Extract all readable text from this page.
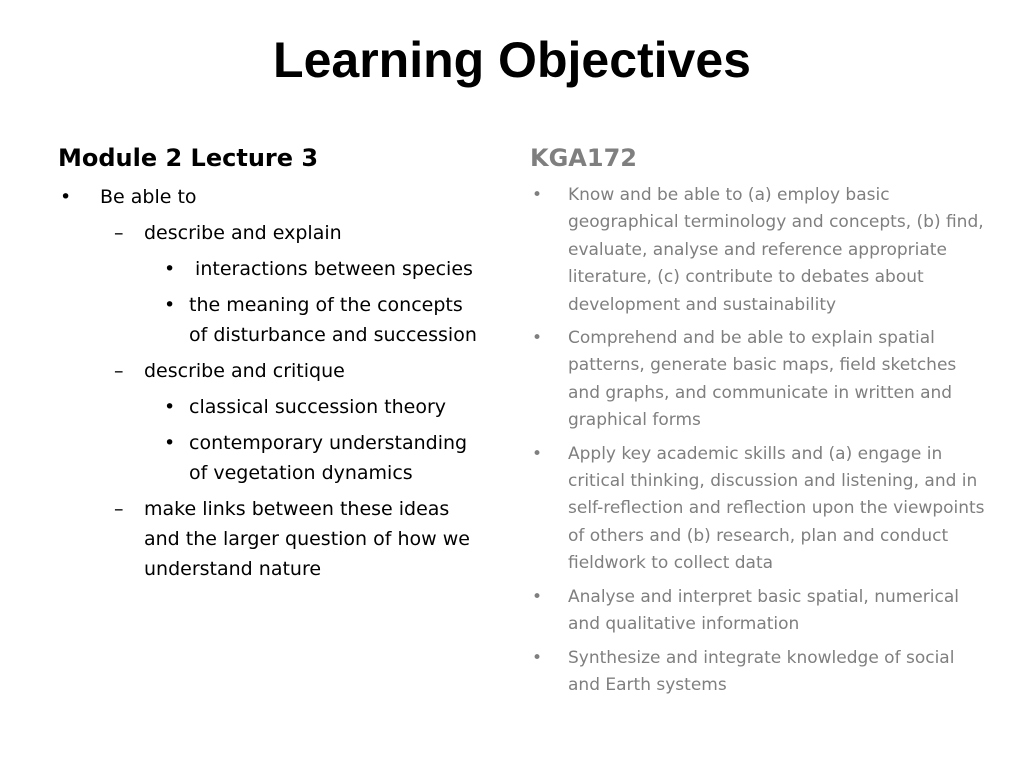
Learning Objectives
Module 2 Lecture 3
• Be able to
– describe and explain
• interactions between species
• the meaning of the concepts of disturbance and succession
– describe and critique
• classical succession theory
• contemporary understanding of vegetation dynamics
– make links between these ideas and the larger question of how we understand nature
KGA172
• Know and be able to (a) employ basic geographical terminology and concepts, (b) find, evaluate, analyse and reference appropriate literature, (c) contribute to debates about development and sustainability
• Comprehend and be able to explain spatial patterns, generate basic maps, field sketches and graphs, and communicate in written and graphical forms
• Apply key academic skills and (a) engage in critical thinking, discussion and listening, and in self-reflection and reflection upon the viewpoints of others and (b) research, plan and conduct fieldwork to collect data
• Analyse and interpret basic spatial, numerical and qualitative information
• Synthesize and integrate knowledge of social and Earth systems
